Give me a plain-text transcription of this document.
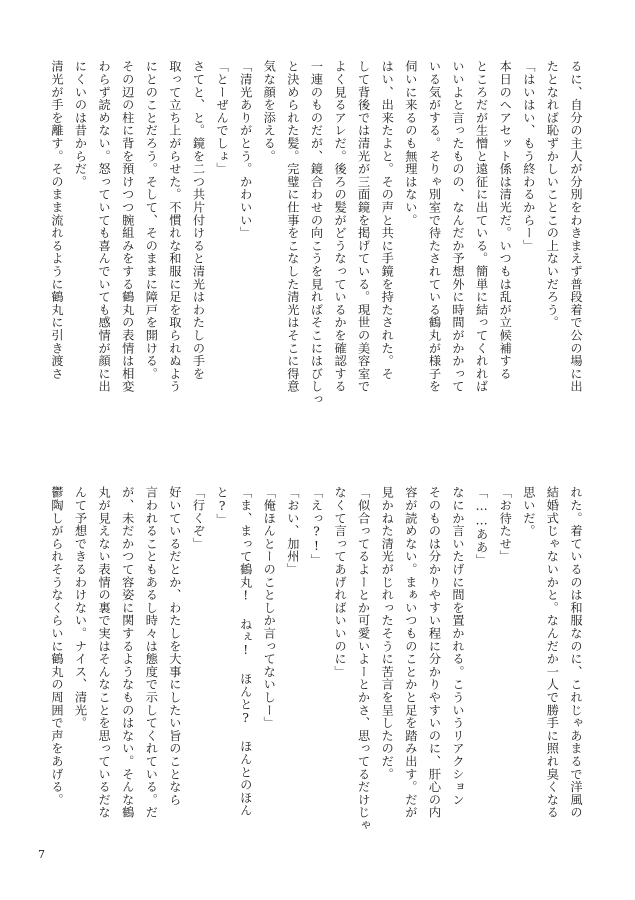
るに、自分の主人が分別をわきまえず普段着で公の場に出
たとなれば恥ずかしいことこの上ないだろう。
「はいはい、もう終わるからー」
本日のヘアセット係は清光だ。いつもは乱が立候補する
ところだが生憎と遠征に出ている。簡単に結ってくれれば
いいよと言ったものの、なんだか予想外に時間がかかって
いる気がする。そりゃ別室で待たされている鶴丸が様子を
伺いに来るのも無理はない。
はい、出来たよと。その声と共に手鏡を持たされた。そ
して背後では清光が三面鏡を掲げている。現世の美容室で
よく見るアレだ。後ろの髪がどうなっているかを確認する
一連のものだが、鏡合わせの向こうを見ればそこにはびしっ
と決められた髪。完璧に仕事をこなした清光はそこに得意
気な顔を添える。
「清光ありがとう。かわいい」
「とーぜんでしょ」
さてと、と。鏡を二つ共片付けると清光はわたしの手を
取って立ち上がらせた。不慣れな和服に足を取られぬよう
にとのことだろう。そして、そのままに障戸を開ける。
その辺の柱に背を預けつつ腕組みをする鶴丸の表情は相変
わらず読めない。怒っていても喜んでいても感情が顔に出
にくいのは昔からだ。
清光が手を離す。そのまま流れるように鶴丸に引き渡さ
れた。着ているのは和服なのに、これじゃあまるで洋風の
結婚式じゃないかと。なんだか一人で勝手に照れ臭くなる
思いだ。
「お待たせ」
「……ああ」
なにか言いたげに間を置かれる。こういうリアクション
そのものは分かりやすい程に分かりやすいのに、肝心の内
容が読めない。まぁいつものことかと足を踏み出す。だが
見かねた清光がじれったそうに苦言を呈したのだ。
「似合ってるよーとか可愛いよーとかさ、思ってるだけじゃ
なくて言ってあげればいいのに」
「えっ?!」
「おい、加州」
「俺ほんとーのことしか言ってないしー」
「ま、まって鶴丸! ねぇ! ほんと? ほんとのほん
と?」
「行くぞ」
好いているだとか、わたしを大事にしたい旨のことなら
言われることもあるし時々は態度で示してくれている。だ
が、未だかつて容姿に関するようなものはない。そんな鶴
丸が見えない表情の裏で実はそんなことを思っているだな
んて予想できるわけない。ナイス、清光。
鬱陶しがられそうなくらいに鶴丸の周囲で声をあげる。
7
